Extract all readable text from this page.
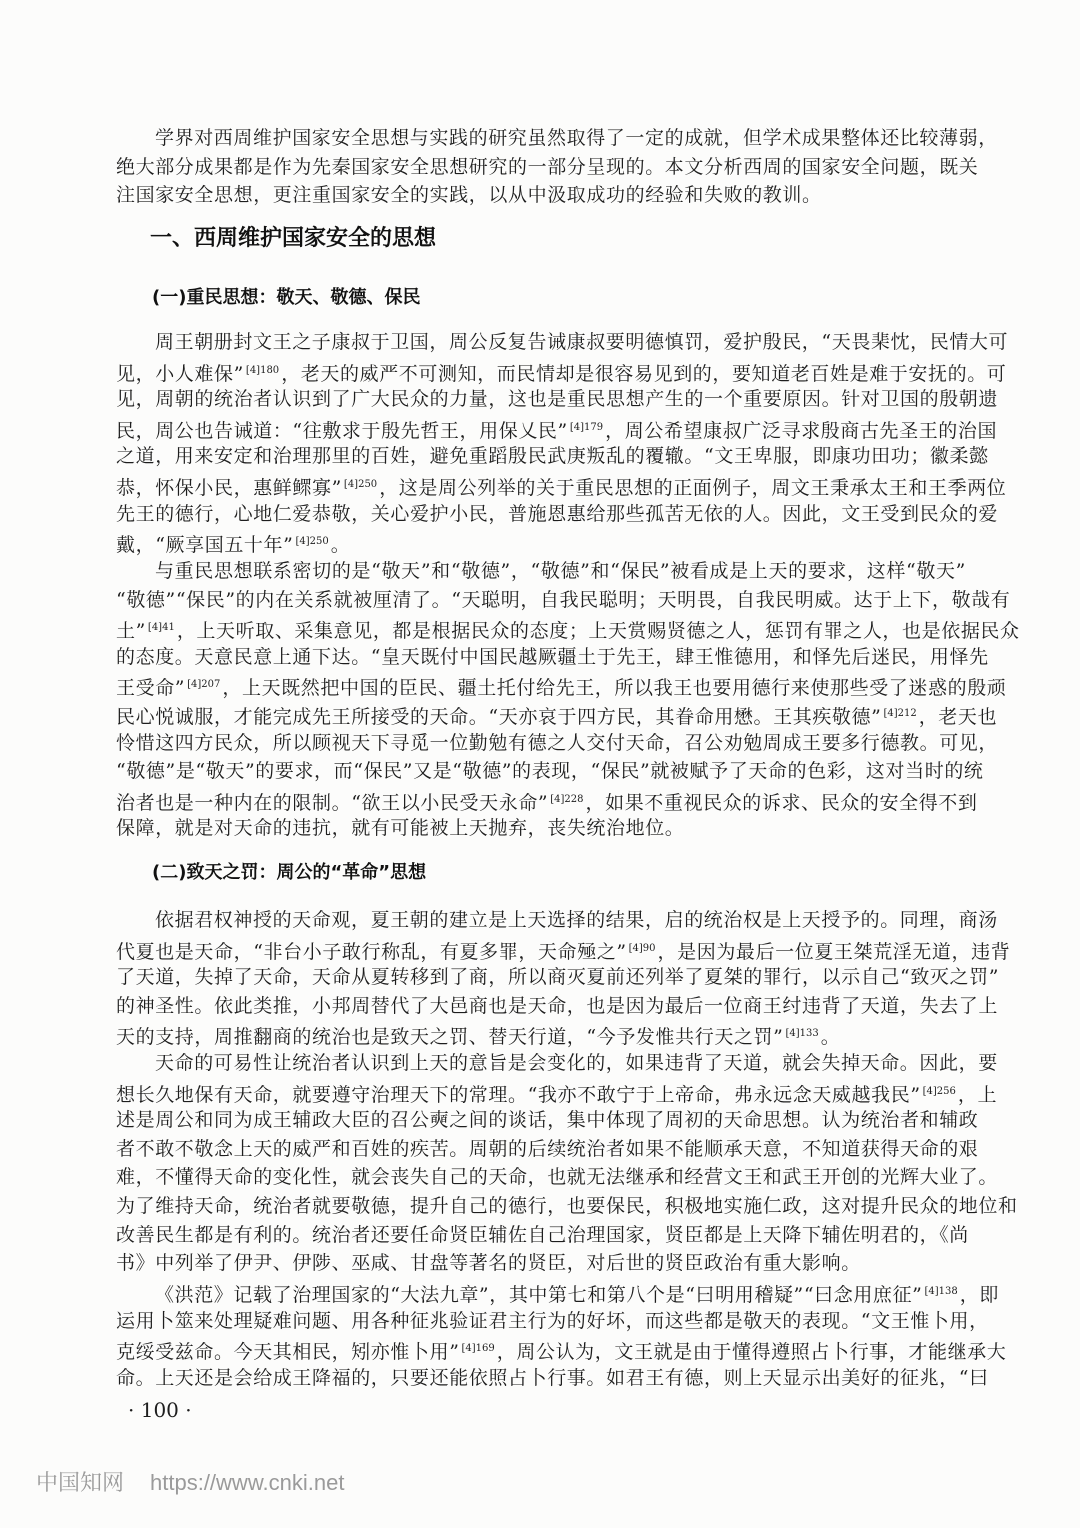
学界对西周维护国家安全思想与实践的研究虽然取得了一定的成就，但学术成果整体还比较薄弱，
绝大部分成果都是作为先秦国家安全思想研究的一部分呈现的。本文分析西周的国家安全问题，既关
注国家安全思想，更注重国家安全的实践，以从中汲取成功的经验和失败的教训。
一、西周维护国家安全的思想
(一)重民思想：敬天、敬德、保民
周王朝册封文王之子康叔于卫国，周公反复告诫康叔要明德慎罚，爱护殷民，“天畏棐忱，民情大可
见，小人难保” $^{[4]180}$ ，老天的威严不可测知，而民情却是很容易见到的，要知道老百姓是难于安抚的。可
见，周朝的统治者认识到了广大民众的力量，这也是重民思想产生的一个重要原因。针对卫国的殷朝遗
民，周公也告诫道：“往敷求于殷先哲王，用保乂民” $^{[4]179}$ ，周公希望康叔广泛寻求殷商古先圣王的治国
之道，用来安定和治理那里的百姓，避免重蹈殷民武庚叛乱的覆辙。“文王卑服，即康功田功；徽柔懿
恭，怀保小民，惠鲜鳏寡” $^{[4]250}$ ，这是周公列举的关于重民思想的正面例子，周文王秉承太王和王季两位
先王的德行，心地仁爱恭敬，关心爱护小民，普施恩惠给那些孤苦无依的人。因此，文王受到民众的爱
戴，“厥享国五十年” $^{[4]250}$ 。
与重民思想联系密切的是“敬天”和“敬德”，“敬德”和“保民”被看成是上天的要求，这样“敬天”
“敬德”“保民”的内在关系就被厘清了。“天聪明，自我民聪明；天明畏，自我民明威。达于上下，敬哉有
土” $^{[4]41}$ ，上天听取、采集意见，都是根据民众的态度；上天赏赐贤德之人，惩罚有罪之人，也是依据民众
的态度。天意民意上通下达。“皇天既付中国民越厥疆土于先王，肆王惟德用，和怿先后迷民，用怿先
王受命” $^{[4]207}$ ，上天既然把中国的臣民、疆土托付给先王，所以我王也要用德行来使那些受了迷惑的殷顽
民心悦诚服，才能完成先王所接受的天命。“天亦哀于四方民，其眷命用懋。王其疾敬德” $^{[4]212}$ ，老天也
怜惜这四方民众，所以顾视天下寻觅一位勤勉有德之人交付天命，召公劝勉周成王要多行德教。可见，
“敬德”是“敬天”的要求，而“保民”又是“敬德”的表现，“保民”就被赋予了天命的色彩，这对当时的统
治者也是一种内在的限制。“欲王以小民受天永命” $^{[4]228}$ ，如果不重视民众的诉求、民众的安全得不到
保障，就是对天命的违抗，就有可能被上天抛弃，丧失统治地位。
(二)致天之罚：周公的“革命”思想
依据君权神授的天命观，夏王朝的建立是上天选择的结果，启的统治权是上天授予的。同理，商汤
代夏也是天命，“非台小子敢行称乱，有夏多罪，天命殛之” $^{[4]90}$ ，是因为最后一位夏王桀荒淫无道，违背
了天道，失掉了天命，天命从夏转移到了商，所以商灭夏前还列举了夏桀的罪行，以示自己“致灭之罚”
的神圣性。依此类推，小邦周替代了大邑商也是天命，也是因为最后一位商王纣违背了天道，失去了上
天的支持，周推翻商的统治也是致天之罚、替天行道，“今予发惟共行天之罚” $^{[4]133}$ 。
天命的可易性让统治者认识到上天的意旨是会变化的，如果违背了天道，就会失掉天命。因此，要
想长久地保有天命，就要遵守治理天下的常理。“我亦不敢宁于上帝命，弗永远念天威越我民” $^{[4]256}$ ，上
述是周公和同为成王辅政大臣的召公奭之间的谈话，集中体现了周初的天命思想。认为统治者和辅政
者不敢不敬念上天的威严和百姓的疾苦。周朝的后续统治者如果不能顺承天意，不知道获得天命的艰
难，不懂得天命的变化性，就会丧失自己的天命，也就无法继承和经营文王和武王开创的光辉大业了。
为了维持天命，统治者就要敬德，提升自己的德行，也要保民，积极地实施仁政，这对提升民众的地位和
改善民生都是有利的。统治者还要任命贤臣辅佐自己治理国家，贤臣都是上天降下辅佐明君的，《尚
书》中列举了伊尹、伊陟、巫咸、甘盘等著名的贤臣，对后世的贤臣政治有重大影响。
《洪范》记载了治理国家的“大法九章”，其中第七和第八个是“曰明用稽疑”“曰念用庶征” $^{[4]138}$ ，即
运用卜筮来处理疑难问题、用各种征兆验证君主行为的好坏，而这些都是敬天的表现。“文王惟卜用，
克绥受兹命。今天其相民，矧亦惟卜用” $^{[4]169}$ ，周公认为，文王就是由于懂得遵照占卜行事，才能继承大
命。上天还是会给成王降福的，只要还能依照占卜行事。如君王有德，则上天显示出美好的征兆，“曰
· 100 ·
中国知网 https://www.cnki.net
